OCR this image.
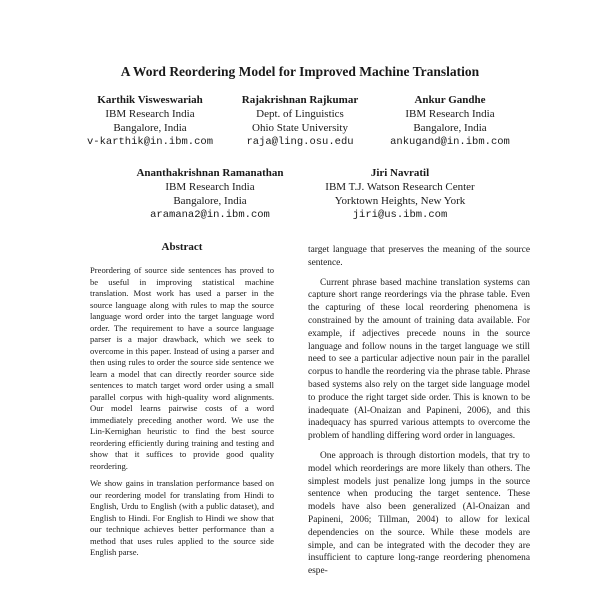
A Word Reordering Model for Improved Machine Translation
Karthik Visweswariah
IBM Research India
Bangalore, India
v-karthik@in.ibm.com
Rajakrishnan Rajkumar
Dept. of Linguistics
Ohio State University
raja@ling.osu.edu
Ankur Gandhe
IBM Research India
Bangalore, India
ankugand@in.ibm.com
Ananthakrishnan Ramanathan
IBM Research India
Bangalore, India
aramana2@in.ibm.com
Jiri Navratil
IBM T.J. Watson Research Center
Yorktown Heights, New York
jiri@us.ibm.com
Abstract

Preordering of source side sentences has proved to be useful in improving statistical machine translation. Most work has used a parser in the source language along with rules to map the source language word order into the target language word order. The requirement to have a source language parser is a major drawback, which we seek to overcome in this paper. Instead of using a parser and then using rules to order the source side sentence we learn a model that can directly reorder source side sentences to match target word order using a small parallel corpus with high-quality word alignments. Our model learns pairwise costs of a word immediately preceding another word. We use the Lin-Kernighan heuristic to find the best source reordering efficiently during training and testing and show that it suffices to provide good quality reordering.

We show gains in translation performance based on our reordering model for translating from Hindi to English, Urdu to English (with a public dataset), and English to Hindi. For English to Hindi we show that our technique achieves better performance than a method that uses rules applied to the source side English parse.

target language that preserves the meaning of the source sentence.

Current phrase based machine translation systems can capture short range reorderings via the phrase table. Even the capturing of these local reordering phenomena is constrained by the amount of training data available. For example, if adjectives precede nouns in the source language and follow nouns in the target language we still need to see a particular adjective noun pair in the parallel corpus to handle the reordering via the phrase table. Phrase based systems also rely on the target side language model to produce the right target side order. This is known to be inadequate (Al-Onaizan and Papineni, 2006), and this inadequacy has spurred various attempts to overcome the problem of handling differing word order in languages.

One approach is through distortion models, that try to model which reorderings are more likely than others. The simplest models just penalize long jumps in the source sentence when producing the target sentence. These models have also been generalized (Al-Onaizan and Papineni, 2006; Tillman, 2004) to allow for lexical dependencies on the source. While these models are simple, and can be integrated with the decoder they are insufficient to capture long-range reordering phenomena espe-
